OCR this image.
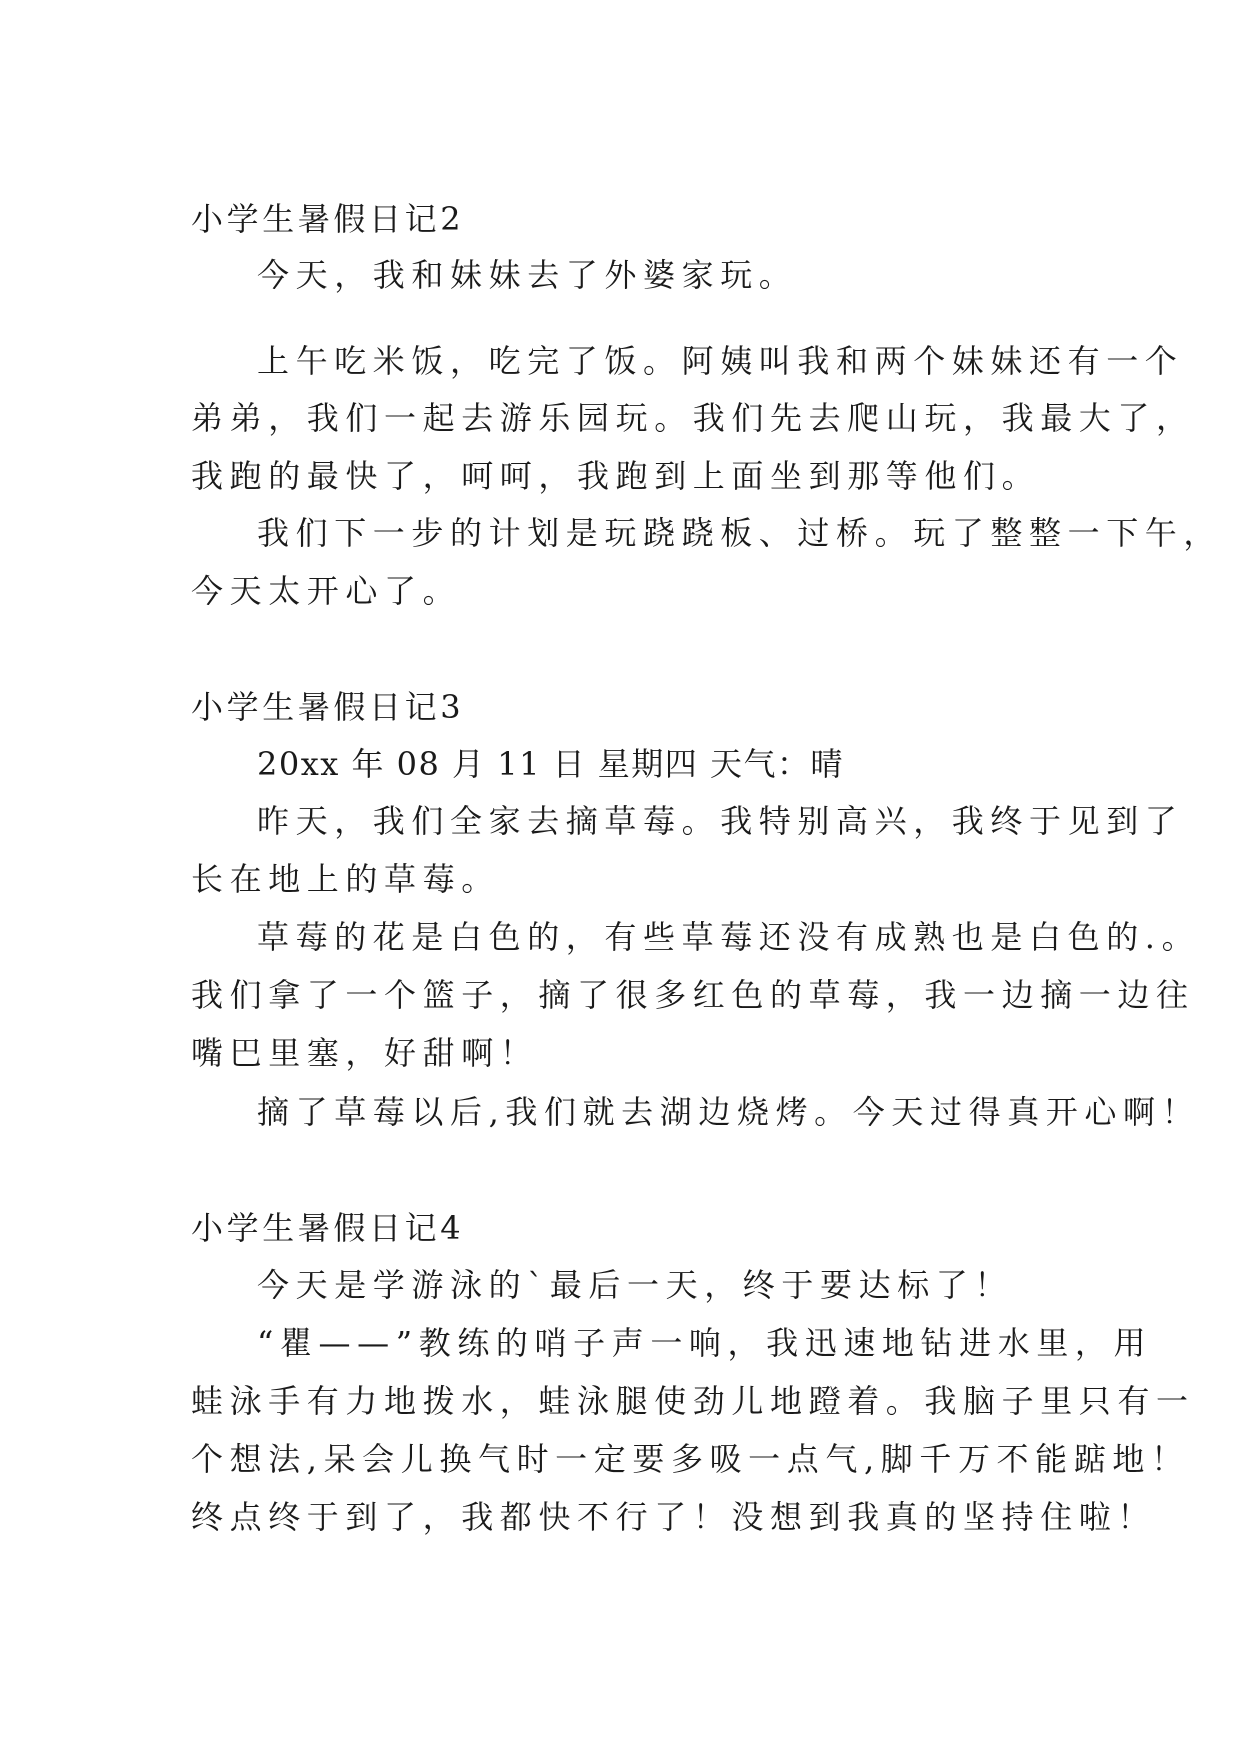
小学生暑假日记2
今天，我和妹妹去了外婆家玩。
上午吃米饭，吃完了饭。阿姨叫我和两个妹妹还有一个
弟弟，我们一起去游乐园玩。我们先去爬山玩，我最大了，
我跑的最快了，呵呵，我跑到上面坐到那等他们。
我们下一步的计划是玩跷跷板、过桥。玩了整整一下午，
今天太开心了。
小学生暑假日记3
20xx 年 08 月 11 日 星期四 天气：晴
昨天，我们全家去摘草莓。我特别高兴，我终于见到了
长在地上的草莓。
草莓的花是白色的，有些草莓还没有成熟也是白色的.。
我们拿了一个篮子，摘了很多红色的草莓，我一边摘一边往
嘴巴里塞，好甜啊！
摘了草莓以后,我们就去湖边烧烤。今天过得真开心啊！
小学生暑假日记4
今天是学游泳的`最后一天，终于要达标了！
“瞿——”教练的哨子声一响，我迅速地钻进水里，用
蛙泳手有力地拨水，蛙泳腿使劲儿地蹬着。我脑子里只有一
个想法,呆会儿换气时一定要多吸一点气,脚千万不能踮地！
终点终于到了，我都快不行了！没想到我真的坚持住啦！
